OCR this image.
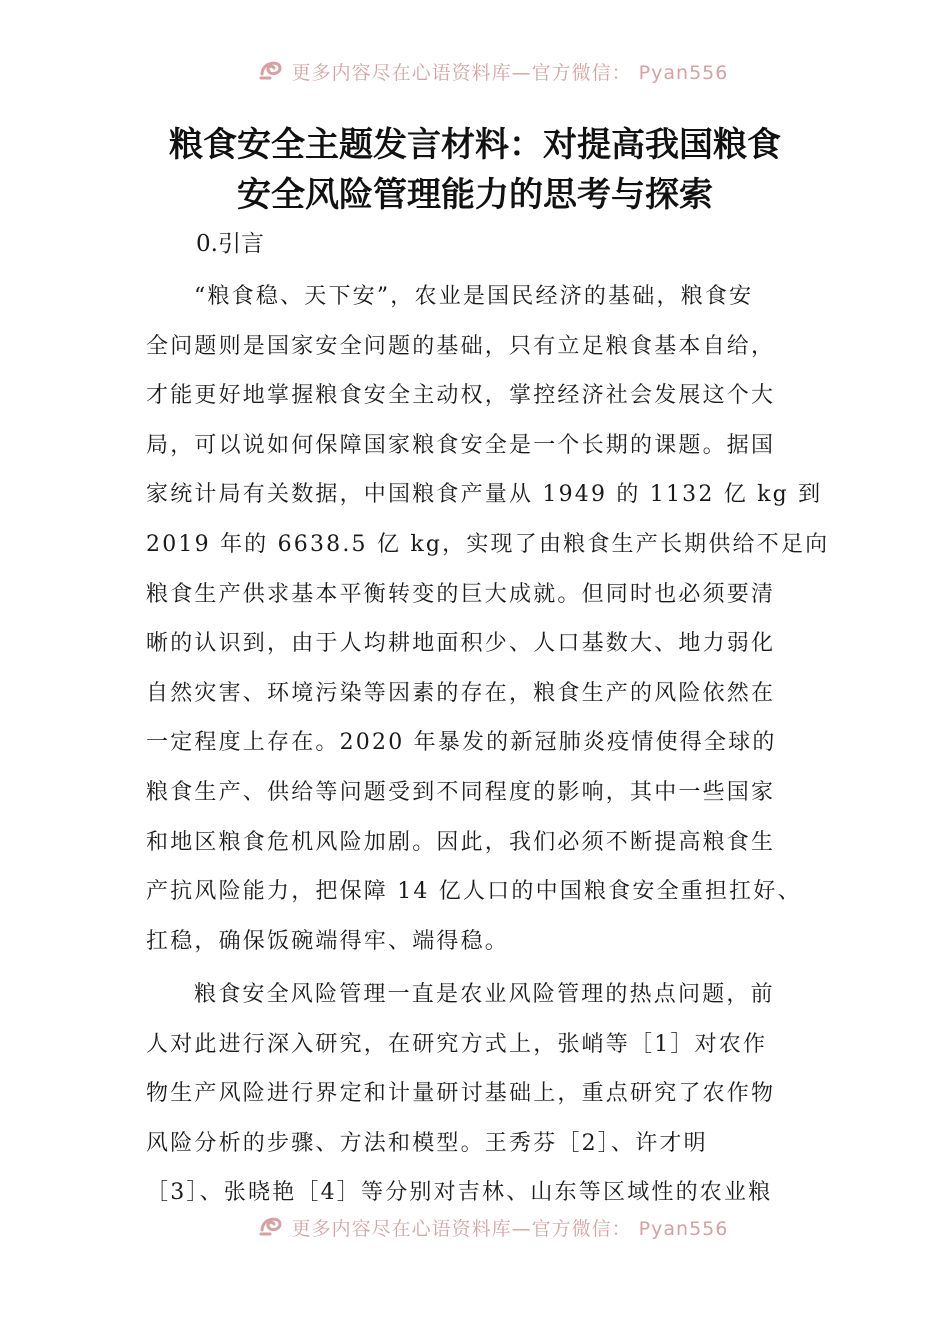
更多内容尽在心语资料库—官方微信： Pyan556
粮食安全主题发言材料：对提高我国粮食
安全风险管理能力的思考与探索
0.引言
“粮食稳、天下安”，农业是国民经济的基础，粮食安
全问题则是国家安全问题的基础，只有立足粮食基本自给，
才能更好地掌握粮食安全主动权，掌控经济社会发展这个大
局，可以说如何保障国家粮食安全是一个长期的课题。据国
家统计局有关数据，中国粮食产量从 1949 的 1132 亿 kg 到
2019 年的 6638.5 亿 kg，实现了由粮食生产长期供给不足向
粮食生产供求基本平衡转变的巨大成就。但同时也必须要清
晰的认识到，由于人均耕地面积少、人口基数大、地力弱化
自然灾害、环境污染等因素的存在，粮食生产的风险依然在
一定程度上存在。2020 年暴发的新冠肺炎疫情使得全球的
粮食生产、供给等问题受到不同程度的影响，其中一些国家
和地区粮食危机风险加剧。因此，我们必须不断提高粮食生
产抗风险能力，把保障 14 亿人口的中国粮食安全重担扛好、
扛稳，确保饭碗端得牢、端得稳。
粮食安全风险管理一直是农业风险管理的热点问题，前
人对此进行深入研究，在研究方式上，张峭等［1］对农作
物生产风险进行界定和计量研讨基础上，重点研究了农作物
风险分析的步骤、方法和模型。王秀芬［2］、许才明
［3］、张晓艳［4］等分别对吉林、山东等区域性的农业粮
更多内容尽在心语资料库—官方微信： Pyan556
